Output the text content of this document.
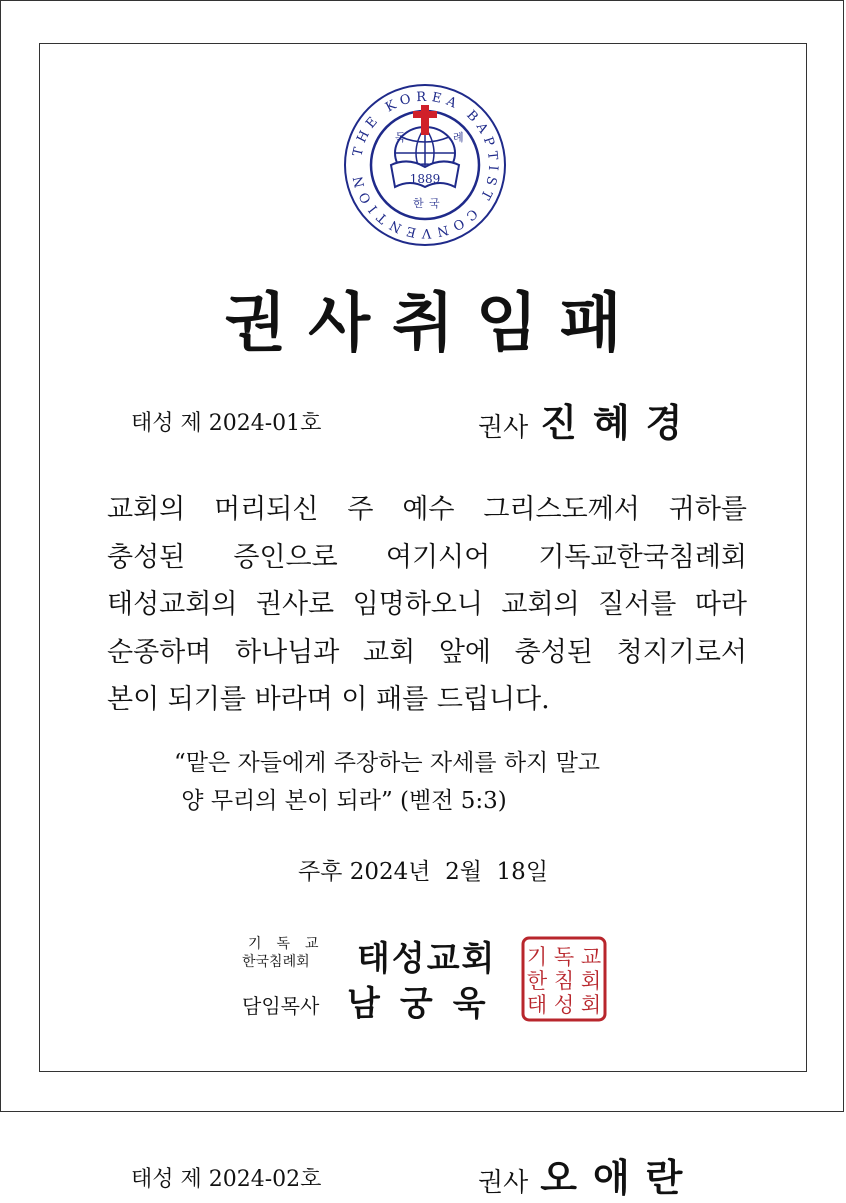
THE KOREA BAPTIST CONVENTION	1889
독	례
한 국
권사취임패
태성 제 2024-01호	권사 진혜경
교회의 머리되신 주 예수 그리스도께서 귀하를
충성된 증인으로 여기시어 기독교한국침례회
태성교회의 권사로 임명하오니 교회의 질서를 따라
순종하며 하나님과 교회 앞에 충성된 청지기로서
본이 되기를 바라며 이 패를 드립니다.
“맡은 자들에게 주장하는 자세를 하지 말고
양 무리의 본이 되라” (벧전 5:3)
주후 2024년  2월  18일
기독교
한국침례회	태성교회
담임목사 남궁욱
기 독 교
한 침 회
태 성 회
태성 제 2024-02호	권사 오애란
